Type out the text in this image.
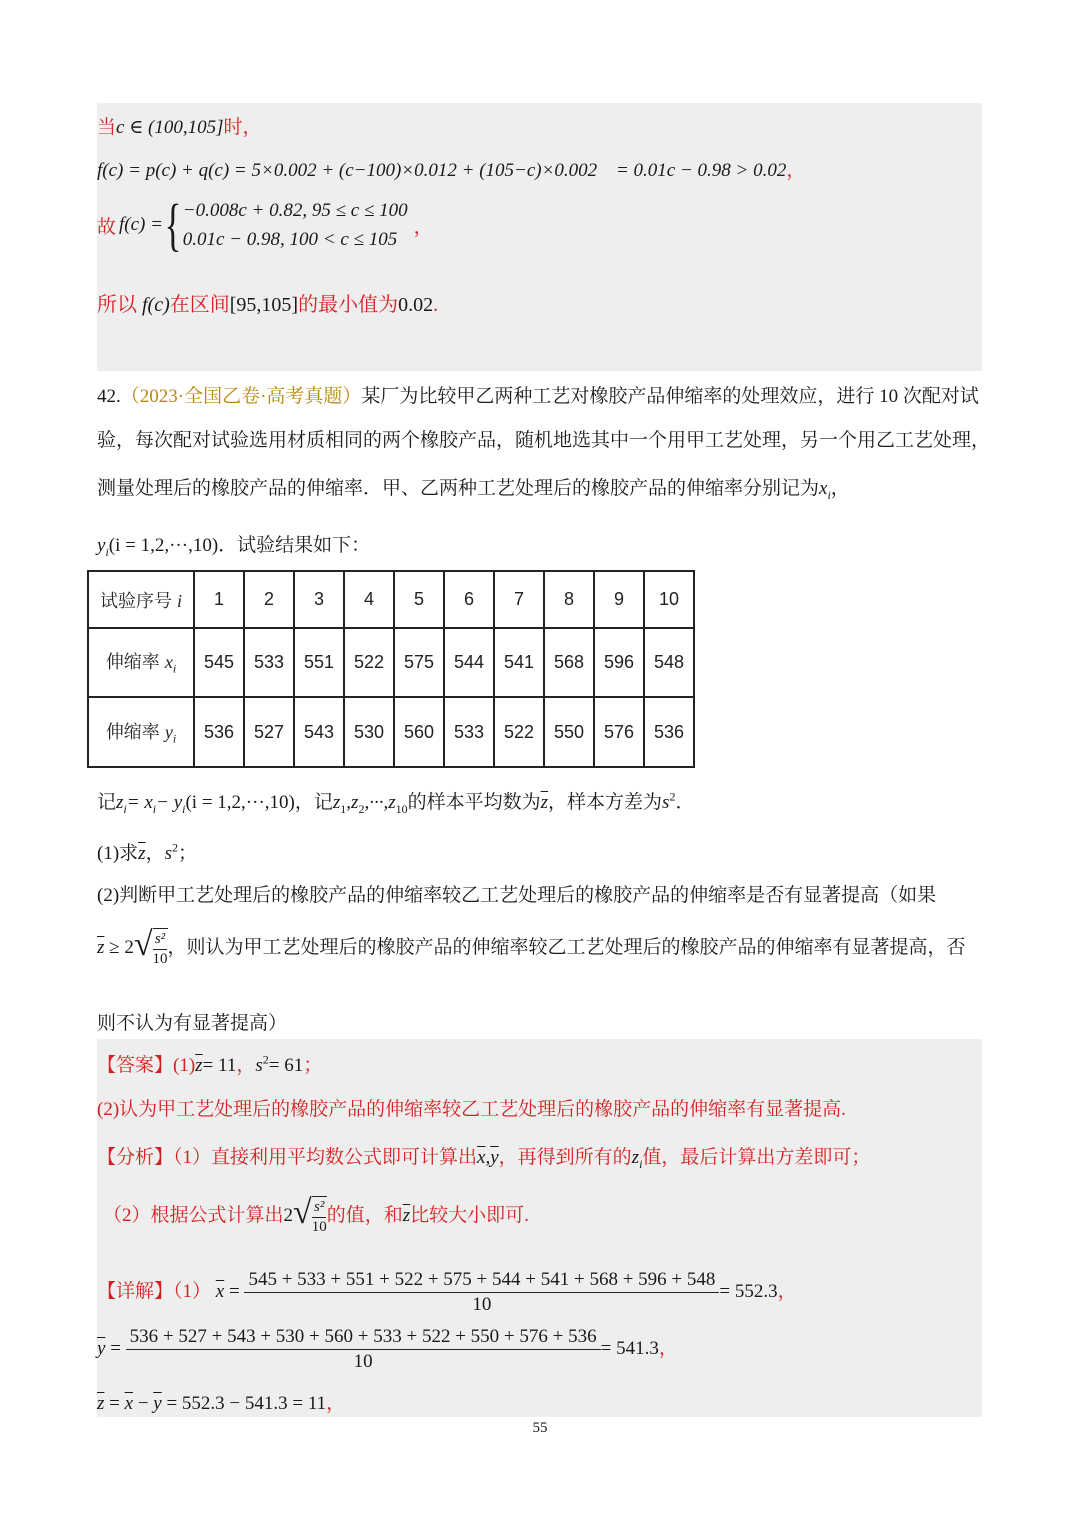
当c ∈ (100,105]时，
f(c) = p(c) + q(c) = 5×0.002 + (c−100)×0.012 + (105−c)×0.002 = 0.01c − 0.98 > 0.02，
故 f(c) = { −0.008c + 0.82, 95 ≤ c ≤ 100
0.01c − 0.98, 100 < c ≤ 105
，
所以 f(c)在区间[95,105]的最小值为0.02.
42.（2023·全国乙卷·高考真题）某厂为比较甲乙两种工艺对橡胶产品伸缩率的处理效应，进行 10 次配对试
验，每次配对试验选用材质相同的两个橡胶产品，随机地选其中一个用甲工艺处理，另一个用乙工艺处理，
测量处理后的橡胶产品的伸缩率．甲、乙两种工艺处理后的橡胶产品的伸缩率分别记为$x_i$，
$y_i(i = 1,2,\cdot\cdot\cdot,10)$．试验结果如下：
试验序号 i	1	2	3	4	5	6	7	8	9	10
伸缩率 $x_i$	545	533	551	522	575	544	541	568	596	548
伸缩率 $y_i$	536	527	543	530	560	533	522	550	576	536
记$z_i= x_i- y_i(i = 1,2,\cdot\cdot\cdot,10)$，记$z_1,z_2,\cdot\cdot\cdot,z_{10}$的样本平均数为$\overline{z}$，样本方差为$s^2$．
(1)求$\overline{z}$，$s^2$；
(2)判断甲工艺处理后的橡胶产品的伸缩率较乙工艺处理后的橡胶产品的伸缩率是否有显著提高（如果
$\overline{z} \ge 2$ √ $\frac{\text{s²}}{10}$ ，则认为甲工艺处理后的橡胶产品的伸缩率较乙工艺处理后的橡胶产品的伸缩率有显著提高，否
则不认为有显著提高）
【答案】$(1)\overline{z}= 11$，$s^2= 61$；
(2)认为甲工艺处理后的橡胶产品的伸缩率较乙工艺处理后的橡胶产品的伸缩率有显著提高.
【分析】（1）直接利用平均数公式即可计算出$\overline{x},\overline{y}$，再得到所有的$z_i$值，最后计算出方差即可；
（2）根据公式计算出2 √ $\frac{\text{s²}}{10}$ 的值，和$\overline{z}$比较大小即可.
【详解】（1） $\overline{x} = \frac{545 + 533 + 551 + 522 + 575 + 544 + 541 + 568 + 596 + 548}{10} = 552.3$，
$\overline{y} = \frac{536 + 527 + 543 + 530 + 560 + 533 + 522 + 550 + 576 + 536}{10} = 541.3$，
$\overline{z} = \overline{x} - \overline{y} = 552.3 - 541.3 = 11$，
55
